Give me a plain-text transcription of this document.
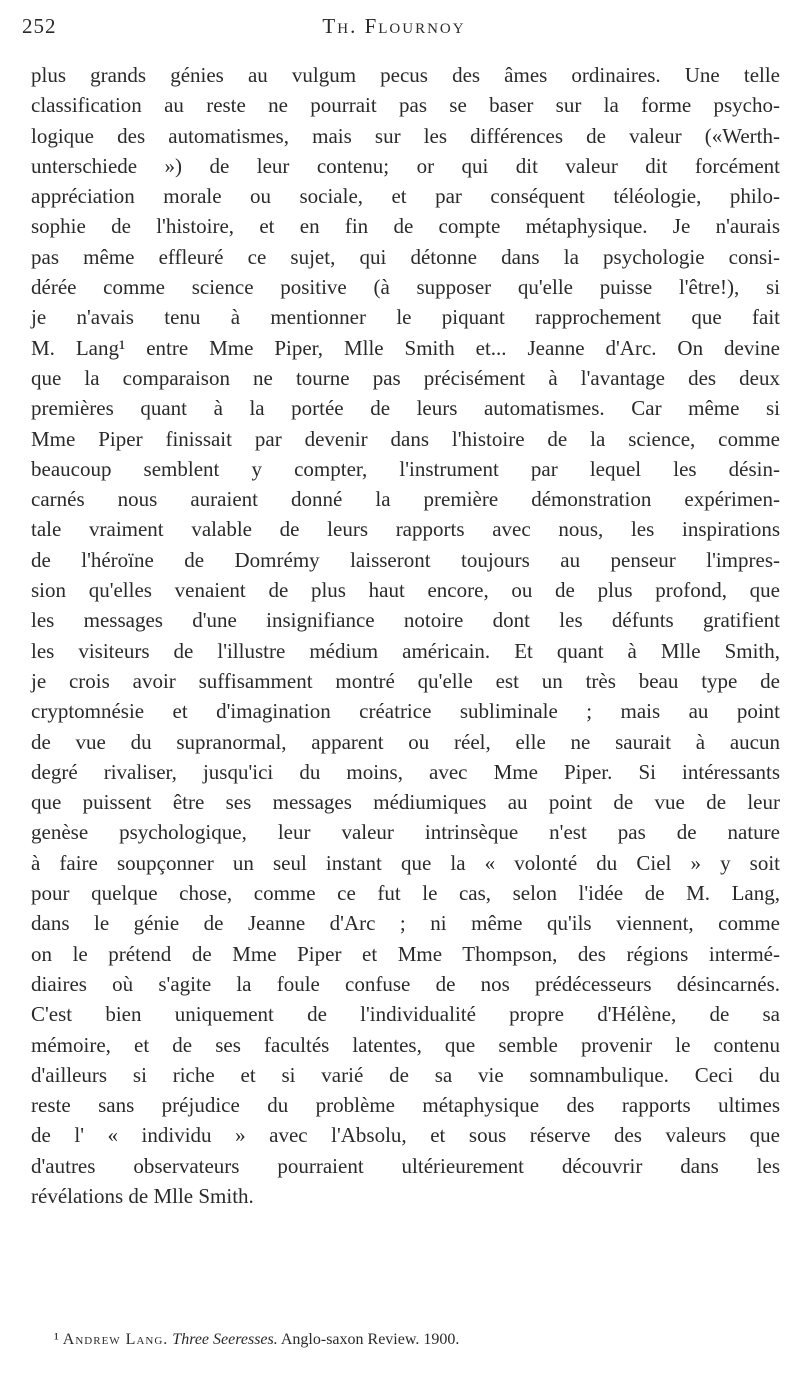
252	Th. Flournoy
plus grands génies au vulgum pecus des âmes ordinaires. Une telle
classification au reste ne pourrait pas se baser sur la forme psycho-
logique des automatismes, mais sur les différences de valeur («Werth-
unterschiede ») de leur contenu; or qui dit valeur dit forcément
appréciation morale ou sociale, et par conséquent téléologie, philo-
sophie de l'histoire, et en fin de compte métaphysique. Je n'aurais
pas même effleuré ce sujet, qui détonne dans la psychologie consi-
dérée comme science positive (à supposer qu'elle puisse l'être!), si
je n'avais tenu à mentionner le piquant rapprochement que fait
M. Lang¹ entre Mme Piper, Mlle Smith et... Jeanne d'Arc. On devine
que la comparaison ne tourne pas précisément à l'avantage des deux
premières quant à la portée de leurs automatismes. Car même si
Mme Piper finissait par devenir dans l'histoire de la science, comme
beaucoup semblent y compter, l'instrument par lequel les désin-
carnés nous auraient donné la première démonstration expérimen-
tale vraiment valable de leurs rapports avec nous, les inspirations
de l'héroïne de Domrémy laisseront toujours au penseur l'impres-
sion qu'elles venaient de plus haut encore, ou de plus profond, que
les messages d'une insignifiance notoire dont les défunts gratifient
les visiteurs de l'illustre médium américain. Et quant à Mlle Smith,
je crois avoir suffisamment montré qu'elle est un très beau type de
cryptomnésie et d'imagination créatrice subliminale ; mais au point
de vue du supranormal, apparent ou réel, elle ne saurait à aucun
degré rivaliser, jusqu'ici du moins, avec Mme Piper. Si intéressants
que puissent être ses messages médiumiques au point de vue de leur
genèse psychologique, leur valeur intrinsèque n'est pas de nature
à faire soupçonner un seul instant que la « volonté du Ciel » y soit
pour quelque chose, comme ce fut le cas, selon l'idée de M. Lang,
dans le génie de Jeanne d'Arc ; ni même qu'ils viennent, comme
on le prétend de Mme Piper et Mme Thompson, des régions intermé-
diaires où s'agite la foule confuse de nos prédécesseurs désincarnés.
C'est bien uniquement de l'individualité propre d'Hélène, de sa
mémoire, et de ses facultés latentes, que semble provenir le contenu
d'ailleurs si riche et si varié de sa vie somnambulique. Ceci du
reste sans préjudice du problème métaphysique des rapports ultimes
de l' « individu » avec l'Absolu, et sous réserve des valeurs que
d'autres observateurs pourraient ultérieurement découvrir dans les
révélations de Mlle Smith.
¹ Andrew Lang. Three Seeresses. Anglo-saxon Review. 1900.
